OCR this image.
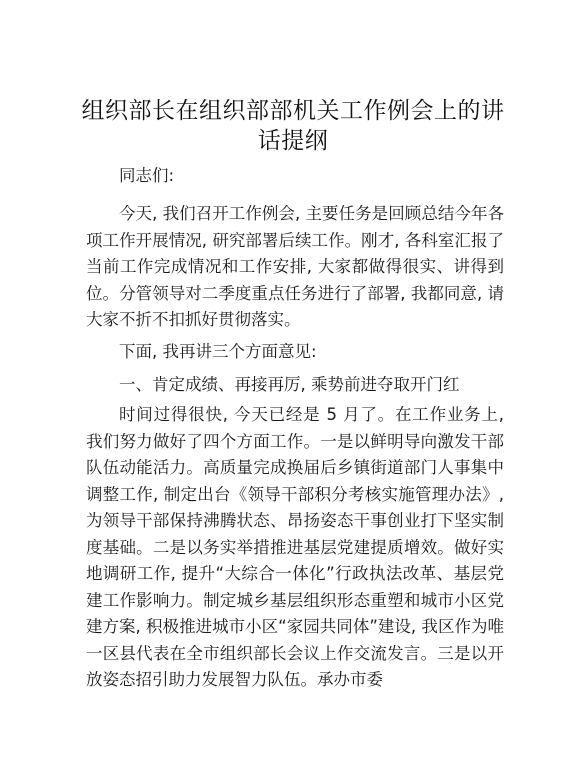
组织部长在组织部部机关工作例会上的讲话提纲

同志们:

今天, 我们召开工作例会, 主要任务是回顾总结今年各项工作开展情况, 研究部署后续工作。刚才, 各科室汇报了当前工作完成情况和工作安排, 大家都做得很实、讲得到位。分管领导对二季度重点任务进行了部署, 我都同意, 请大家不折不扣抓好贯彻落实。

下面, 我再讲三个方面意见:

一、肯定成绩、再接再厉, 乘势前进夺取开门红

时间过得很快, 今天已经是 5 月了。在工作业务上, 我们努力做好了四个方面工作。一是以鲜明导向激发干部队伍动能活力。高质量完成换届后乡镇街道部门人事集中调整工作, 制定出台《领导干部积分考核实施管理办法》, 为领导干部保持沸腾状态、昂扬姿态干事创业打下坚实制度基础。二是以务实举措推进基层党建提质增效。做好实地调研工作, 提升“大综合一体化”行政执法改革、基层党建工作影响力。制定城乡基层组织形态重塑和城市小区党建方案, 积极推进城市小区“家园共同体”建设, 我区作为唯一区县代表在全市组织部长会议上作交流发言。三是以开放姿态招引助力发展智力队伍。承办市委
